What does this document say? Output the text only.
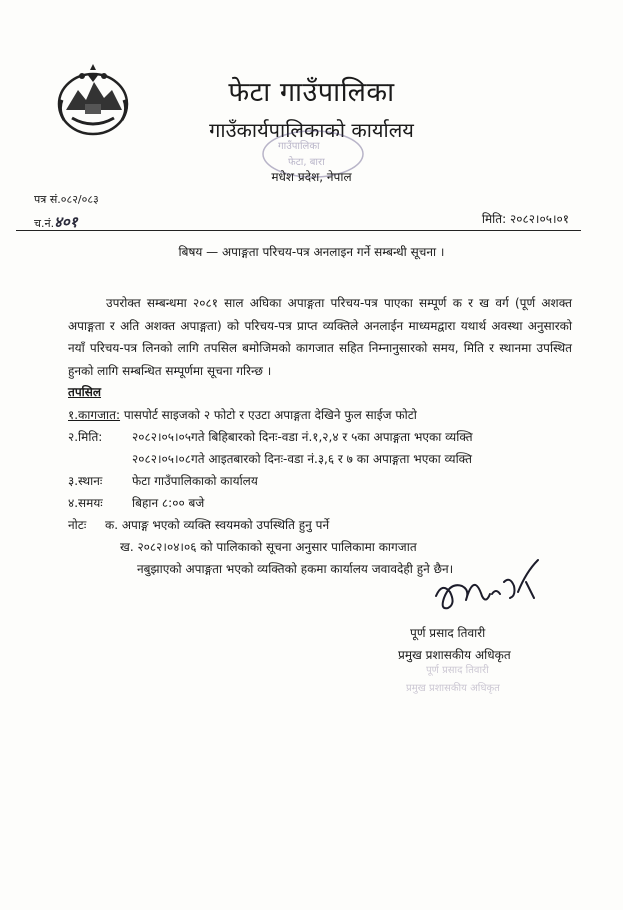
फेटा गाउँपालिका
गाउँकार्यपालिकाको कार्यालय
गाउँपालिका
फेटा, बारा
मधेश प्रदेश, नेपाल
पत्र सं.०८२/०८३
च.नं.४०१	मिति: २०८२।०५।०१
बिषय — अपाङ्गता परिचय-पत्र अनलाइन गर्ने सम्बन्धी सूचना ।
उपरोक्त सम्बन्धमा २०८१ साल अघिका अपाङ्गता परिचय-पत्र पाएका सम्पूर्ण क र ख वर्ग (पूर्ण अशक्त अपाङ्गता र अति अशक्त अपाङ्गता) को परिचय-पत्र प्राप्त व्यक्तिले अनलाईन माध्यमद्वारा यथार्थ अवस्था अनुसारको नयाँ परिचय-पत्र लिनको लागि तपसिल बमोजिमको कागजात सहित निम्नानुसारको समय, मिति र स्थानमा उपस्थित हुनको लागि सम्बन्धित सम्पूर्णमा सूचना गरिन्छ ।
तपसिल
१.कागजात: पासपोर्ट साइजको २ फोटो र एउटा अपाङ्गता देखिने फुल साईज फोटो
२.मिति: २०८२।०५।०५गते बिहिबारको दिनः-वडा नं.१,२,४ र ५का अपाङ्गता भएका व्यक्ति
२०८२।०५।०८गते आइतबारको दिनः-वडा नं.३,६ र ७ का अपाङ्गता भएका व्यक्ति
३.स्थानः फेटा गाउँपालिकाको कार्यालय
४.समयः बिहान ८:०० बजे
नोटः क. अपाङ्ग भएको व्यक्ति स्वयमको उपस्थिति हुनु पर्ने
ख. २०८२।०४।०६ को पालिकाको सूचना अनुसार पालिकामा कागजात
नबुझाएको अपाङ्गता भएको व्यक्तिको हकमा कार्यालय जवावदेही हुने छैन।
पूर्ण प्रसाद तिवारी
प्रमुख प्रशासकीय अधिकृत
पूर्ण प्रसाद तिवारी
प्रमुख प्रशासकीय अधिकृत
